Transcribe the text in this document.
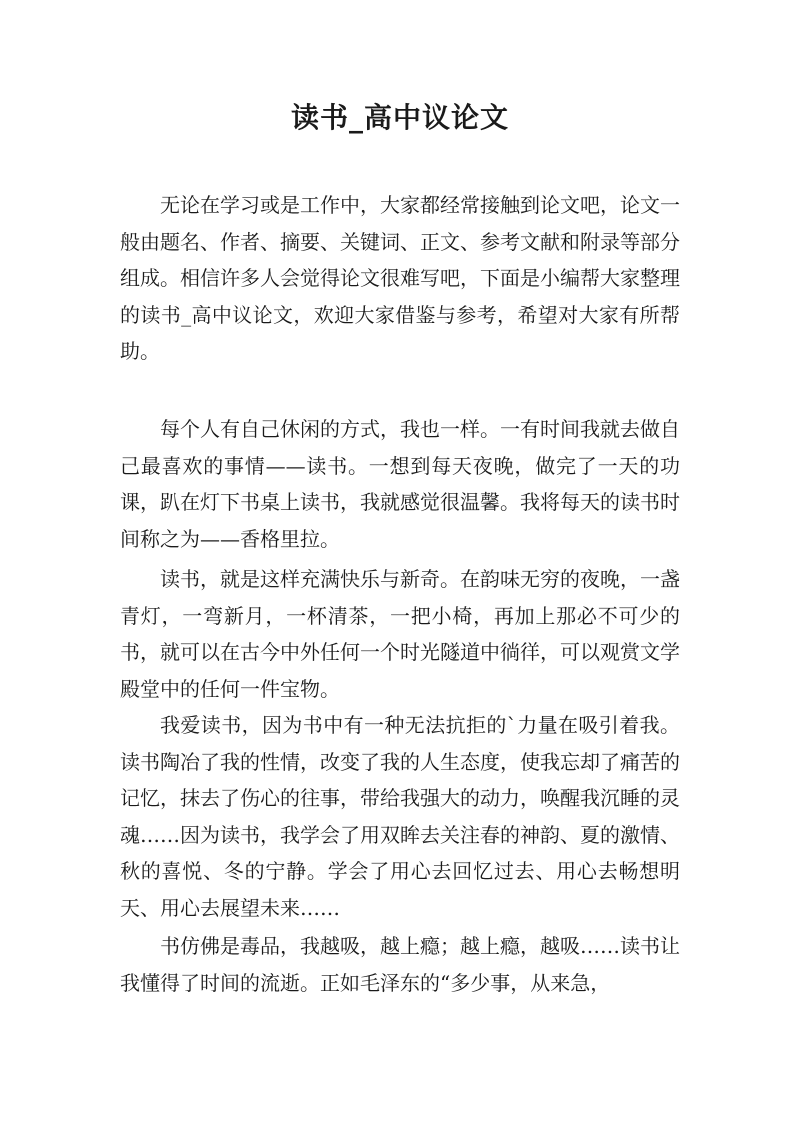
读书_高中议论文

无论在学习或是工作中，大家都经常接触到论文吧，论文一般由题名、作者、摘要、关键词、正文、参考文献和附录等部分组成。相信许多人会觉得论文很难写吧，下面是小编帮大家整理的读书_高中议论文，欢迎大家借鉴与参考，希望对大家有所帮助。

每个人有自己休闲的方式，我也一样。一有时间我就去做自己最喜欢的事情——读书。一想到每天夜晚，做完了一天的功课，趴在灯下书桌上读书，我就感觉很温馨。我将每天的读书时间称之为——香格里拉。

读书，就是这样充满快乐与新奇。在韵味无穷的夜晚，一盏青灯，一弯新月，一杯清茶，一把小椅，再加上那必不可少的书，就可以在古今中外任何一个时光隧道中徜徉，可以观赏文学殿堂中的任何一件宝物。

我爱读书，因为书中有一种无法抗拒的`力量在吸引着我。读书陶冶了我的性情，改变了我的人生态度，使我忘却了痛苦的记忆，抹去了伤心的往事，带给我强大的动力，唤醒我沉睡的灵魂……因为读书，我学会了用双眸去关注春的神韵、夏的激情、秋的喜悦、冬的宁静。学会了用心去回忆过去、用心去畅想明天、用心去展望未来……

书仿佛是毒品，我越吸，越上瘾；越上瘾，越吸……读书让我懂得了时间的流逝。正如毛泽东的“多少事，从来急，
